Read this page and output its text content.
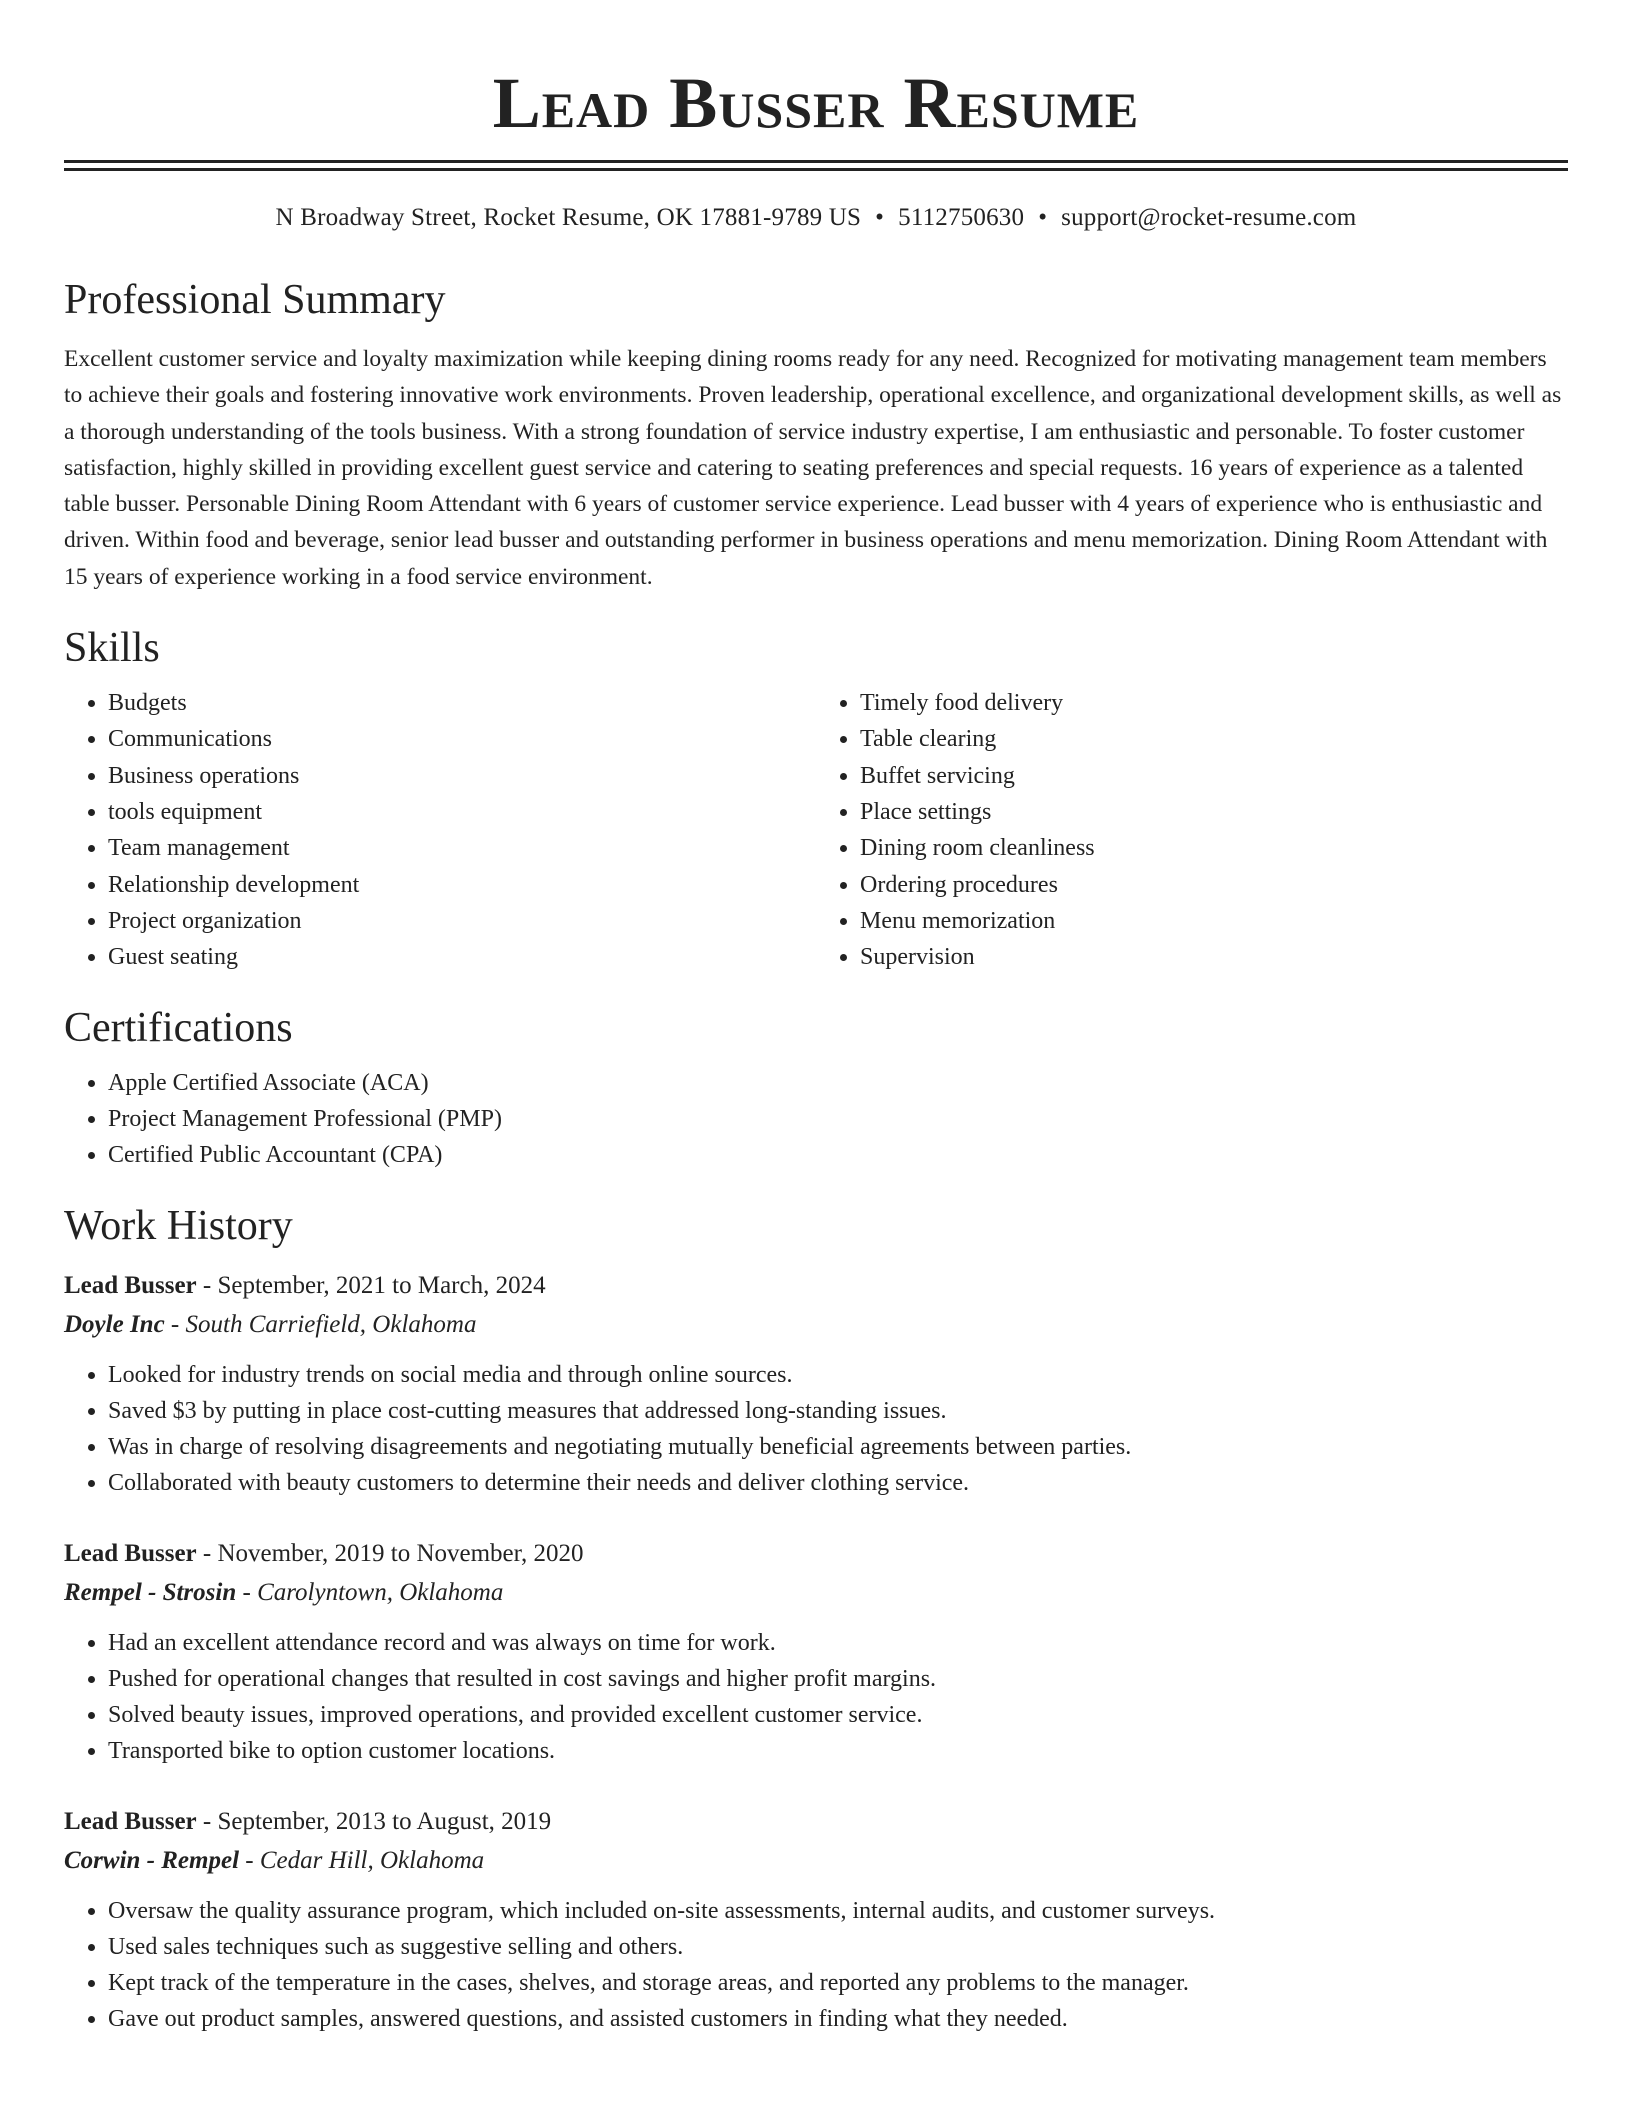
Lead Busser Resume
N Broadway Street, Rocket Resume, OK 17881-9789 US • 5112750630 • support@rocket-resume.com
Professional Summary

Excellent customer service and loyalty maximization while keeping dining rooms ready for any need. Recognized for motivating management team members to achieve their goals and fostering innovative work environments. Proven leadership, operational excellence, and organizational development skills, as well as a thorough understanding of the tools business. With a strong foundation of service industry expertise, I am enthusiastic and personable. To foster customer satisfaction, highly skilled in providing excellent guest service and catering to seating preferences and special requests. 16 years of experience as a talented table busser. Personable Dining Room Attendant with 6 years of customer service experience. Lead busser with 4 years of experience who is enthusiastic and driven. Within food and beverage, senior lead busser and outstanding performer in business operations and menu memorization. Dining Room Attendant with 15 years of experience working in a food service environment.

Skills
• Budgets
• Communications
• Business operations
• tools equipment
• Team management
• Relationship development
• Project organization
• Guest seating
• Timely food delivery
• Table clearing
• Buffet servicing
• Place settings
• Dining room cleanliness
• Ordering procedures
• Menu memorization
• Supervision
Certifications
• Apple Certified Associate (ACA)
• Project Management Professional (PMP)
• Certified Public Accountant (CPA)
Work History
Lead Busser - September, 2021 to March, 2024
Doyle Inc - South Carriefield, Oklahoma
• Looked for industry trends on social media and through online sources.
• Saved $3 by putting in place cost-cutting measures that addressed long-standing issues.
• Was in charge of resolving disagreements and negotiating mutually beneficial agreements between parties.
• Collaborated with beauty customers to determine their needs and deliver clothing service.
Lead Busser - November, 2019 to November, 2020
Rempel - Strosin - Carolyntown, Oklahoma
• Had an excellent attendance record and was always on time for work.
• Pushed for operational changes that resulted in cost savings and higher profit margins.
• Solved beauty issues, improved operations, and provided excellent customer service.
• Transported bike to option customer locations.
Lead Busser - September, 2013 to August, 2019
Corwin - Rempel - Cedar Hill, Oklahoma
• Oversaw the quality assurance program, which included on-site assessments, internal audits, and customer surveys.
• Used sales techniques such as suggestive selling and others.
• Kept track of the temperature in the cases, shelves, and storage areas, and reported any problems to the manager.
• Gave out product samples, answered questions, and assisted customers in finding what they needed.
